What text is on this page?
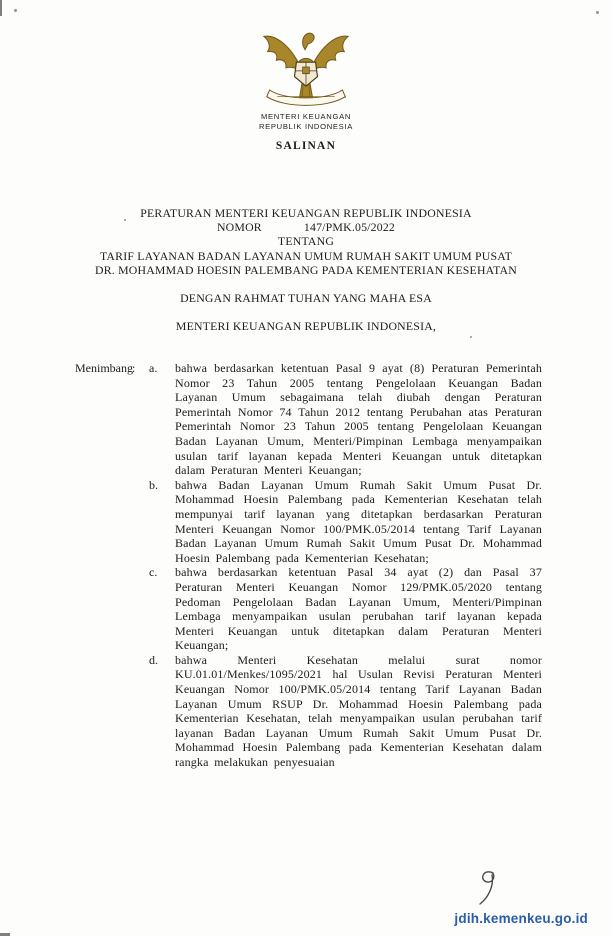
MENTERI KEUANGAN
REPUBLIK INDONESIA
SALINAN
PERATURAN MENTERI KEUANGAN REPUBLIK INDONESIA
NOMOR	147/PMK.05/2022
TENTANG
TARIF LAYANAN BADAN LAYANAN UMUM RUMAH SAKIT UMUM PUSAT
DR. MOHAMMAD HOESIN PALEMBANG PADA KEMENTERIAN KESEHATAN
DENGAN RAHMAT TUHAN YANG MAHA ESA
MENTERI KEUANGAN REPUBLIK INDONESIA,
Menimbang :	a.	bahwa berdasarkan ketentuan Pasal 9 ayat (8) Peraturan Pemerintah Nomor 23 Tahun 2005 tentang Pengelolaan Keuangan Badan Layanan Umum sebagaimana telah diubah dengan Peraturan Pemerintah Nomor 74 Tahun 2012 tentang Perubahan atas Peraturan Pemerintah Nomor 23 Tahun 2005 tentang Pengelolaan Keuangan Badan Layanan Umum, Menteri/Pimpinan Lembaga menyampaikan usulan tarif layanan kepada Menteri Keuangan untuk ditetapkan dalam Peraturan Menteri Keuangan;
b.	bahwa Badan Layanan Umum Rumah Sakit Umum Pusat Dr. Mohammad Hoesin Palembang pada Kementerian Kesehatan telah mempunyai tarif layanan yang ditetapkan berdasarkan Peraturan Menteri Keuangan Nomor 100/PMK.05/2014 tentang Tarif Layanan Badan Layanan Umum Rumah Sakit Umum Pusat Dr. Mohammad Hoesin Palembang pada Kementerian Kesehatan;
c.	bahwa berdasarkan ketentuan Pasal 34 ayat (2) dan Pasal 37 Peraturan Menteri Keuangan Nomor 129/PMK.05/2020 tentang Pedoman Pengelolaan Badan Layanan Umum, Menteri/Pimpinan Lembaga menyampaikan usulan perubahan tarif layanan kepada Menteri Keuangan untuk ditetapkan dalam Peraturan Menteri Keuangan;
d.	bahwa Menteri Kesehatan melalui surat nomor KU.01.01/Menkes/1095/2021 hal Usulan Revisi Peraturan Menteri Keuangan Nomor 100/PMK.05/2014 tentang Tarif Layanan Badan Layanan Umum RSUP Dr. Mohammad Hoesin Palembang pada Kementerian Kesehatan, telah menyampaikan usulan perubahan tarif layanan Badan Layanan Umum Rumah Sakit Umum Pusat Dr. Mohammad Hoesin Palembang pada Kementerian Kesehatan dalam rangka melakukan penyesuaian
jdih.kemenkeu.go.id
